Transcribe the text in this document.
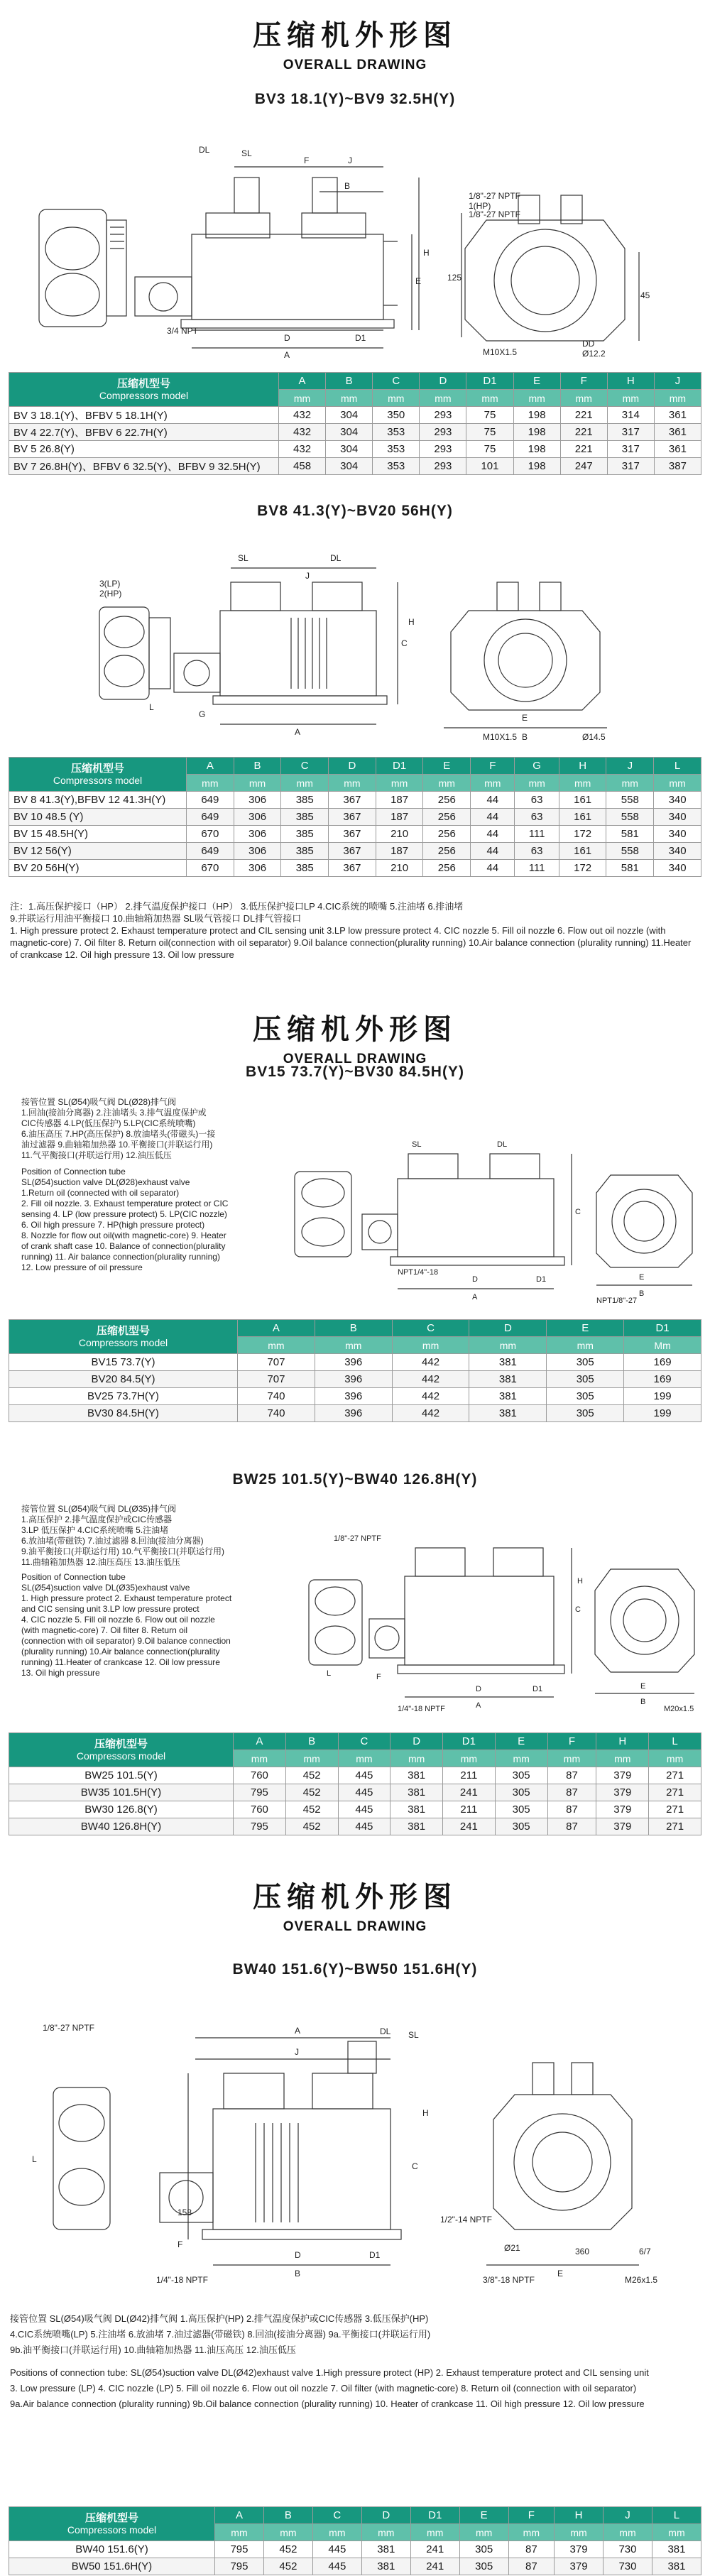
压缩机外形图
OVERALL DRAWING
BV3 18.1(Y)~BV9 32.5H(Y)
DL	SL
F	J
A
B
D	D1
E
H
3/4 NPT
1/8"-27 NPTF
1/8"-27 NPTF
1(HP)
125
M10X1.5	Ø12.2
DD
45
压缩机型号
Compressors model	A	B	C	D	D1	E	F	H	J
	mm	mm	mm	mm	mm	mm	mm	mm	mm
BV 3 18.1(Y)、BFBV 5 18.1H(Y)	432	304	350	293	75	198	221	314	361
BV 4 22.7(Y)、BFBV 6 22.7H(Y)	432	304	353	293	75	198	221	317	361
BV 5 26.8(Y)	432	304	353	293	75	198	221	317	361
BV 7 26.8H(Y)、BFBV 6 32.5(Y)、BFBV 9 32.5H(Y)	458	304	353	293	101	198	247	317	387
BV8 41.3(Y)~BV20 56H(Y)
SL	DL
A	B
C
E
G
H
J
L
M10X1.5	Ø14.5
2(HP)
3(LP)
压缩机型号
Compressors model	A	B	C	D	D1	E	F	G	H	J	L
	mm	mm	mm	mm	mm	mm	mm	mm	mm	mm	mm
BV 8 41.3(Y),BFBV 12 41.3H(Y)	649	306	385	367	187	256	44	63	161	558	340
BV 10 48.5 (Y)	649	306	385	367	187	256	44	63	161	558	340
BV 15 48.5H(Y)	670	306	385	367	210	256	44	111	172	581	340
BV 12 56(Y)	649	306	385	367	187	256	44	63	161	558	340
BV 20 56H(Y)	670	306	385	367	210	256	44	111	172	581	340

注：1.高压保护接口（HP） 2.排气温度保护接口（HP） 3.低压保护接口LP 4.CIC系统的喷嘴 5.注油堵 6.排油堵

9.并联运行用油平衡接口 10.曲轴箱加热器 SL吸气管接口 DL排气管接口

1. High pressure protect 2. Exhaust temperature protect and CIL sensing unit 3.LP low pressure protect 4. CIC nozzle 5. Fill oil nozzle 6. Flow out oil nozzle (with magnetic-core) 7. Oil filter 8. Return oil(connection with oil separator) 9.Oil balance connection(plurality running) 10.Air balance connection (plurality running) 11.Heater of crankcase 12. Oil high pressure 13. Oil low pressure

压缩机外形图
OVERALL DRAWING
BV15 73.7(Y)~BV30 84.5H(Y)

接管位置 SL(Ø54)吸气阀 DL(Ø28)排气阀

1.回油(接油分离器) 2.注油堵头 3.排气温度保护或

CIC传感器 4.LP(低压保护) 5.LP(CIC系统喷嘴)

6.油压高压 7.HP(高压保护) 8.放油堵头(带磁头)一接

油过滤器 9.曲轴箱加热器 10.平衡接口(并联运行用)

11.气平衡接口(并联运行用) 12.油压低压

Position of Connection tube

SL(Ø54)suction valve DL(Ø28)exhaust valve

1.Return oil (connected with oil separator)

2. Fill oil nozzle. 3. Exhaust temperature protect or CIC

sensing 4. LP (low pressure protect) 5. LP(CIC nozzle)

6. Oil high pressure 7. HP(high pressure protect)

8. Nozzle for flow out oil(with magnetic-core) 9. Heater

of crank shaft case 10. Balance of connection(plurality

running) 11. Air balance connection(plurality running)

12. Low pressure of oil pressure

SL	DL
A	B
C
D	E
D1
NPT1/4"-18
NPT1/8"-27
压缩机型号
Compressors model	A	B	C	D	E	D1
	mm	mm	mm	mm	mm	Mm
BV15 73.7(Y)	707	396	442	381	305	169
BV20 84.5(Y)	707	396	442	381	305	169
BV25 73.7H(Y)	740	396	442	381	305	199
BV30 84.5H(Y)	740	396	442	381	305	199
BW25 101.5(Y)~BW40 126.8H(Y)

接管位置 SL(Ø54)吸气阀 DL(Ø35)排气阀

1.高压保护 2.排气温度保护或CIC传感器

3.LP 低压保护 4.CIC系统喷嘴 5.注油堵

6.放油堵(带磁铁) 7.油过滤器 8.回油(接油分离器)

9.油平衡接口(并联运行用) 10.气平衡接口(并联运行用)

11.曲轴箱加热器 12.油压高压 13.油压低压

Position of Connection tube

SL(Ø54)suction valve DL(Ø35)exhaust valve

1. High pressure protect 2. Exhaust temperature protect

and CIC sensing unit 3.LP low pressure protect

4. CIC nozzle 5. Fill oil nozzle 6. Flow out oil nozzle

(with magnetic-core) 7. Oil filter 8. Return oil

(connection with oil separator) 9.Oil balance connection

(plurality running) 10.Air balance connection(plurality

running) 11.Heater of crankcase 12. Oil low pressure

13. Oil high pressure

A	B
C
D	E
F
H
L
D1
1/4"-18 NPTF
1/8"-27 NPTF
M20x1.5
压缩机型号
Compressors model	A	B	C	D	D1	E	F	H	L
	mm	mm	mm	mm	mm	mm	mm	mm	mm
BW25 101.5(Y)	760	452	445	381	211	305	87	379	271
BW35 101.5H(Y)	795	452	445	381	241	305	87	379	271
BW30 126.8(Y)	760	452	445	381	211	305	87	379	271
BW40 126.8H(Y)	795	452	445	381	241	305	87	379	271
压缩机外形图
OVERALL DRAWING
BW40 151.6(Y)~BW50 151.6H(Y)
1/8"-27 NPTF
SL
DL
A
J
B
C
D
E
F
H
L
D1
158
360
Ø21
1/4"-18 NPTF	3/8"-18 NPTF
1/2"-14 NPTF
M26x1.5
6/7

接管位置 SL(Ø54)吸气阀 DL(Ø42)排气阀 1.高压保护(HP) 2.排气温度保护或CIC传感器 3.低压保护(HP)

4.CIC系统喷嘴(LP) 5.注油堵 6.放油堵 7.油过滤器(带磁铁) 8.回油(接油分离器) 9a.平衡接口(并联运行用)

9b.油平衡接口(并联运行用) 10.曲轴箱加热器 11.油压高压 12.油压低压

Positions of connection tube: SL(Ø54)suction valve DL(Ø42)exhaust valve 1.High pressure protect (HP) 2. Exhaust temperature protect and CIL sensing unit

3. Low pressure (LP) 4. CIC nozzle (LP) 5. Fill oil nozzle 6. Flow out oil nozzle 7. Oil filter (with magnetic-core) 8. Return oil (connection with oil separator)

9a.Air balance connection (plurality running) 9b.Oil balance connection (plurality running) 10. Heater of crankcase 11. Oil high pressure 12. Oil low pressure

压缩机型号
Compressors model	A	B	C	D	D1	E	F	H	J	L
	mm	mm	mm	mm	mm	mm	mm	mm	mm	mm
BW40 151.6(Y)	795	452	445	381	241	305	87	379	730	381
BW50 151.6H(Y)	795	452	445	381	241	305	87	379	730	381
